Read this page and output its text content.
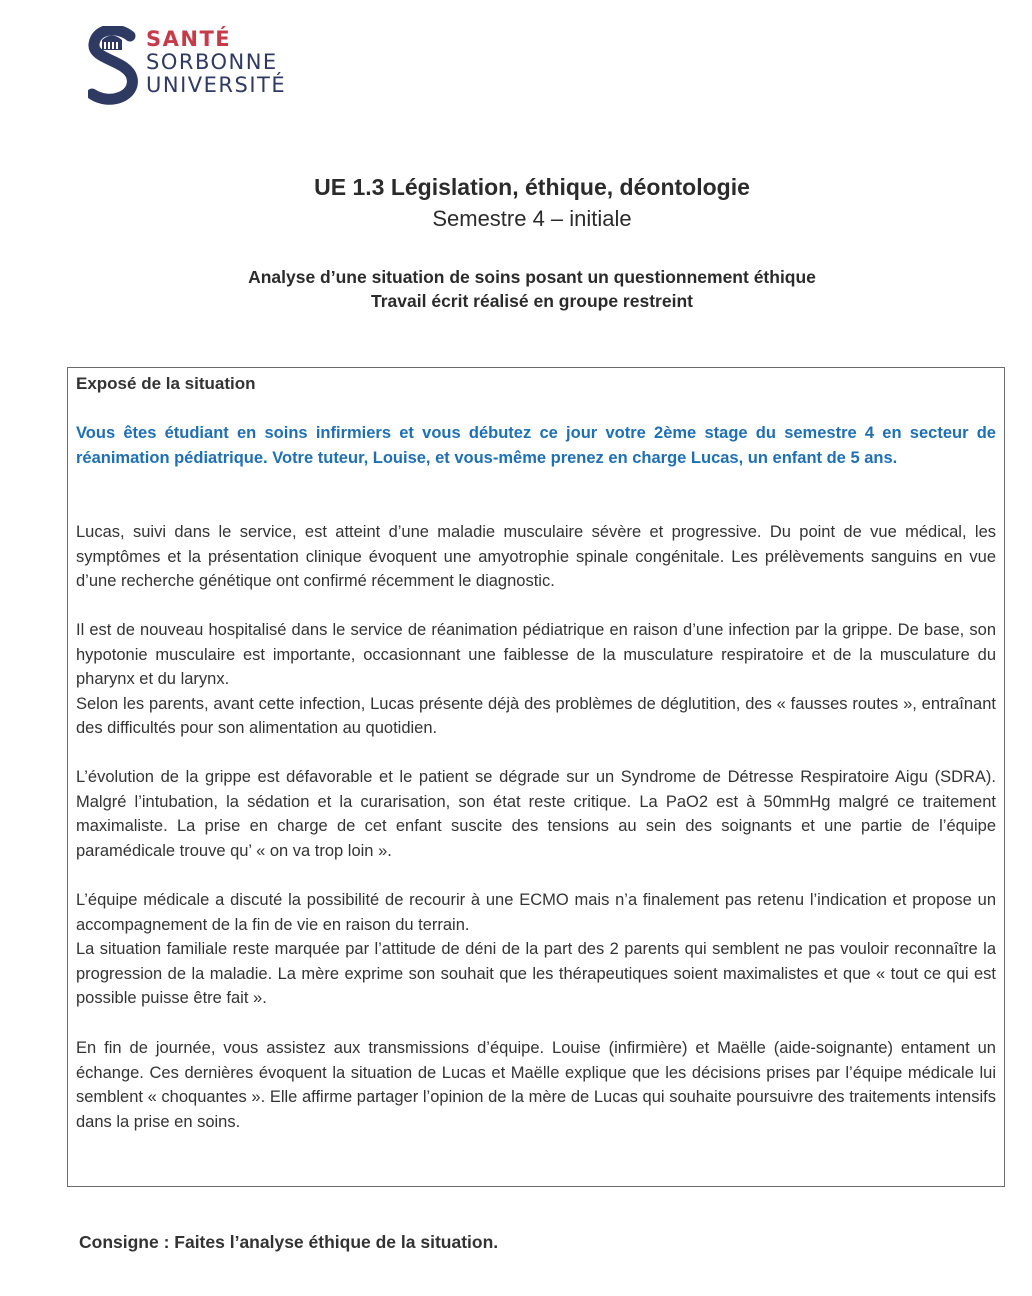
SANTÉ
SORBONNE
UNIVERSITÉ
UE 1.3 Législation, éthique, déontologie
Semestre 4 – initiale
Analyse d’une situation de soins posant un questionnement éthique
Travail écrit réalisé en groupe restreint
Exposé de la situation
Vous êtes étudiant en soins infirmiers et vous débutez ce jour votre 2ème stage du semestre 4 en secteur de réanimation pédiatrique. Votre tuteur, Louise, et vous-même prenez en charge Lucas, un enfant de 5 ans.
Lucas, suivi dans le service, est atteint d’une maladie musculaire sévère et progressive. Du point de vue médical, les symptômes et la présentation clinique évoquent une amyotrophie spinale congénitale. Les prélèvements sanguins en vue d’une recherche génétique ont confirmé récemment le diagnostic.
Il est de nouveau hospitalisé dans le service de réanimation pédiatrique en raison d’une infection par la grippe. De base, son hypotonie musculaire est importante, occasionnant une faiblesse de la musculature respiratoire et de la musculature du pharynx et du larynx.
Selon les parents, avant cette infection, Lucas présente déjà des problèmes de déglutition, des « fausses routes », entraînant des difficultés pour son alimentation au quotidien.
L’évolution de la grippe est défavorable et le patient se dégrade sur un Syndrome de Détresse Respiratoire Aigu (SDRA). Malgré l’intubation, la sédation et la curarisation, son état reste critique. La PaO2 est à 50mmHg malgré ce traitement maximaliste. La prise en charge de cet enfant suscite des tensions au sein des soignants et une partie de l’équipe paramédicale trouve qu’ « on va trop loin ».
L’équipe médicale a discuté la possibilité de recourir à une ECMO mais n’a finalement pas retenu l’indication et propose un accompagnement de la fin de vie en raison du terrain.
La situation familiale reste marquée par l’attitude de déni de la part des 2 parents qui semblent ne pas vouloir reconnaître la progression de la maladie. La mère exprime son souhait que les thérapeutiques soient maximalistes et que « tout ce qui est possible puisse être fait ».
En fin de journée, vous assistez aux transmissions d’équipe. Louise (infirmière) et Maëlle (aide-soignante) entament un échange. Ces dernières évoquent la situation de Lucas et Maëlle explique que les décisions prises par l’équipe médicale lui semblent « choquantes ». Elle affirme partager l’opinion de la mère de Lucas qui souhaite poursuivre des traitements intensifs dans la prise en soins.
Consigne : Faites l’analyse éthique de la situation.
